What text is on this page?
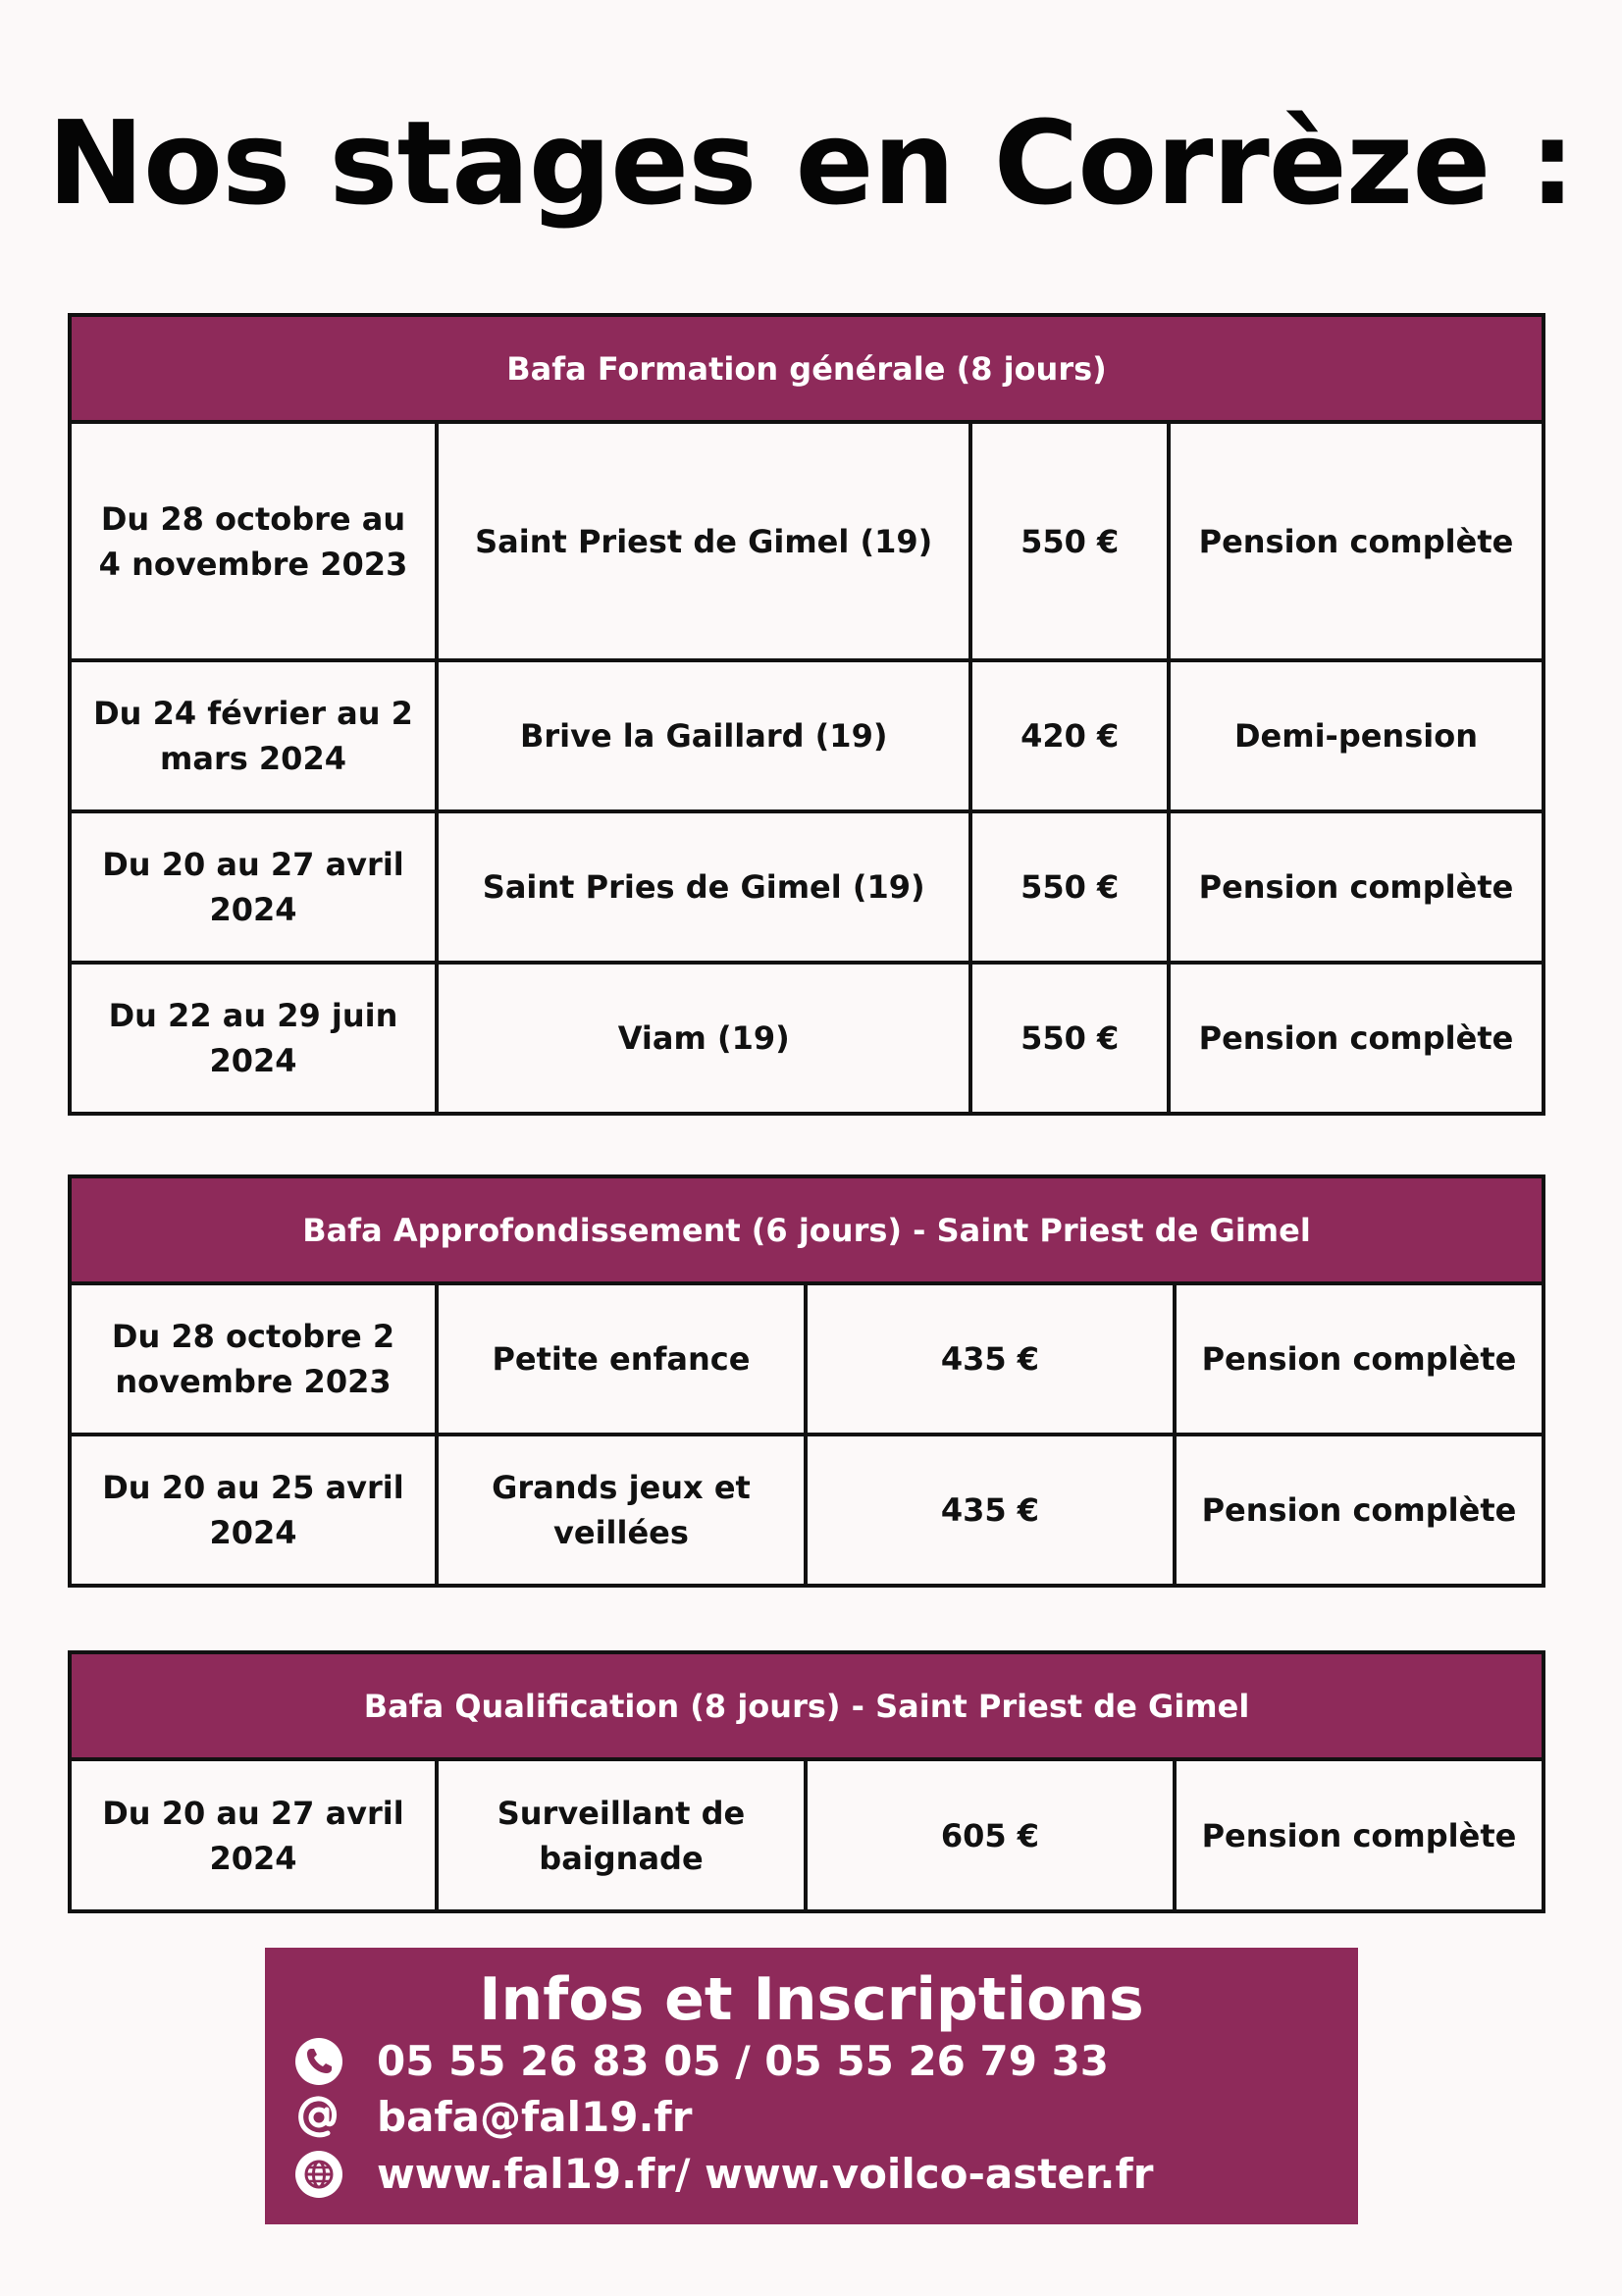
Nos stages en Corrèze :
Bafa Formation générale (8 jours)			
Du 28 octobre au 4 novembre 2023	Saint Priest de Gimel (19)	550 €	Pension complète
Du 24 février au 2 mars 2024	Brive la Gaillard (19)	420 €	Demi-pension
Du 20 au 27 avril 2024	Saint Pries de Gimel (19)	550 €	Pension complète
Du 22 au 29 juin 2024	Viam (19)	550 €	Pension complète
Bafa Approfondissement (6 jours) - Saint Priest de Gimel			
Du 28 octobre 2 novembre 2023	Petite enfance	435 €	Pension complète
Du 20 au 25 avril 2024	Grands jeux et veillées	435 €	Pension complète
Bafa Qualification (8 jours) - Saint Priest de Gimel
Du 20 au 27 avril 2024	Surveillant de baignade	605 €	Pension complète
Infos et Inscriptions
05 55 26 83 05 / 05 55 26 79 33
bafa@fal19.fr
www.fal19.fr/ www.voilco-aster.fr
